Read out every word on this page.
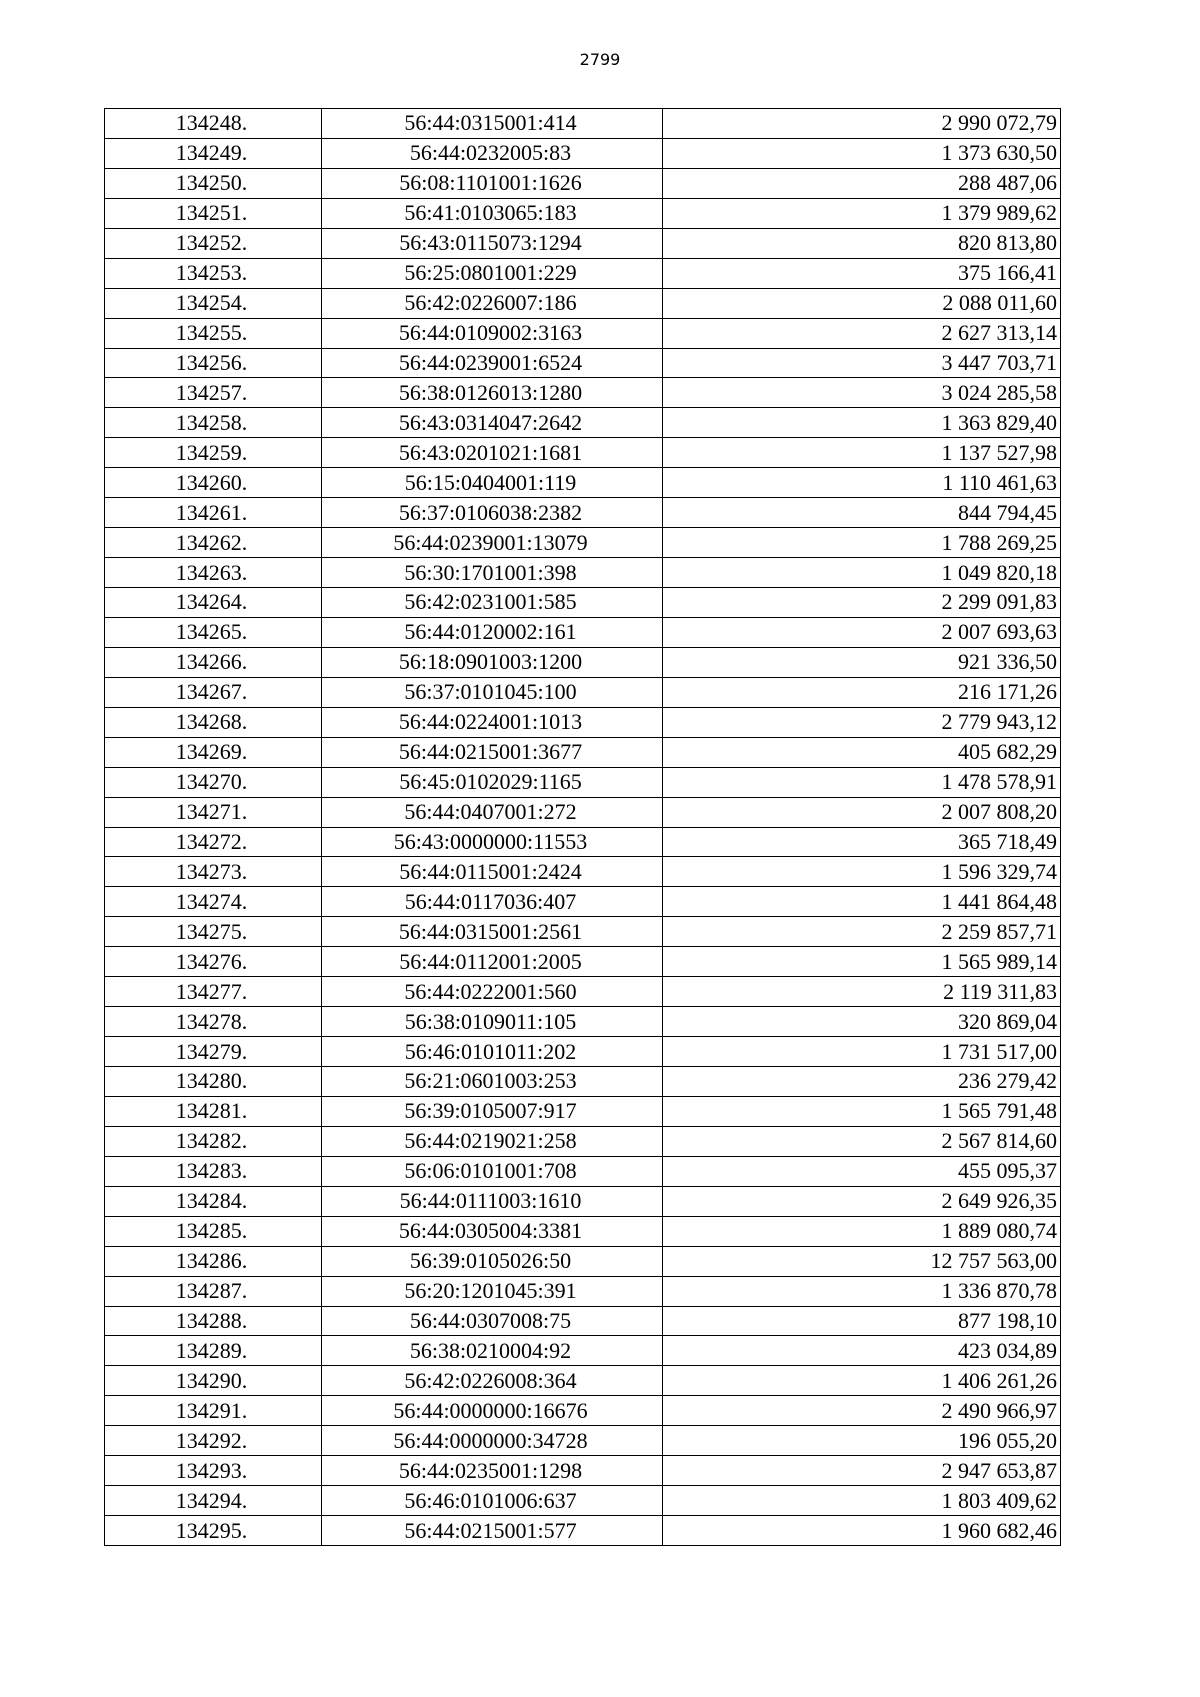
2799
134248.	56:44:0315001:414	2 990 072,79
134249.	56:44:0232005:83	1 373 630,50
134250.	56:08:1101001:1626	288 487,06
134251.	56:41:0103065:183	1 379 989,62
134252.	56:43:0115073:1294	820 813,80
134253.	56:25:0801001:229	375 166,41
134254.	56:42:0226007:186	2 088 011,60
134255.	56:44:0109002:3163	2 627 313,14
134256.	56:44:0239001:6524	3 447 703,71
134257.	56:38:0126013:1280	3 024 285,58
134258.	56:43:0314047:2642	1 363 829,40
134259.	56:43:0201021:1681	1 137 527,98
134260.	56:15:0404001:119	1 110 461,63
134261.	56:37:0106038:2382	844 794,45
134262.	56:44:0239001:13079	1 788 269,25
134263.	56:30:1701001:398	1 049 820,18
134264.	56:42:0231001:585	2 299 091,83
134265.	56:44:0120002:161	2 007 693,63
134266.	56:18:0901003:1200	921 336,50
134267.	56:37:0101045:100	216 171,26
134268.	56:44:0224001:1013	2 779 943,12
134269.	56:44:0215001:3677	405 682,29
134270.	56:45:0102029:1165	1 478 578,91
134271.	56:44:0407001:272	2 007 808,20
134272.	56:43:0000000:11553	365 718,49
134273.	56:44:0115001:2424	1 596 329,74
134274.	56:44:0117036:407	1 441 864,48
134275.	56:44:0315001:2561	2 259 857,71
134276.	56:44:0112001:2005	1 565 989,14
134277.	56:44:0222001:560	2 119 311,83
134278.	56:38:0109011:105	320 869,04
134279.	56:46:0101011:202	1 731 517,00
134280.	56:21:0601003:253	236 279,42
134281.	56:39:0105007:917	1 565 791,48
134282.	56:44:0219021:258	2 567 814,60
134283.	56:06:0101001:708	455 095,37
134284.	56:44:0111003:1610	2 649 926,35
134285.	56:44:0305004:3381	1 889 080,74
134286.	56:39:0105026:50	12 757 563,00
134287.	56:20:1201045:391	1 336 870,78
134288.	56:44:0307008:75	877 198,10
134289.	56:38:0210004:92	423 034,89
134290.	56:42:0226008:364	1 406 261,26
134291.	56:44:0000000:16676	2 490 966,97
134292.	56:44:0000000:34728	196 055,20
134293.	56:44:0235001:1298	2 947 653,87
134294.	56:46:0101006:637	1 803 409,62
134295.	56:44:0215001:577	1 960 682,46
